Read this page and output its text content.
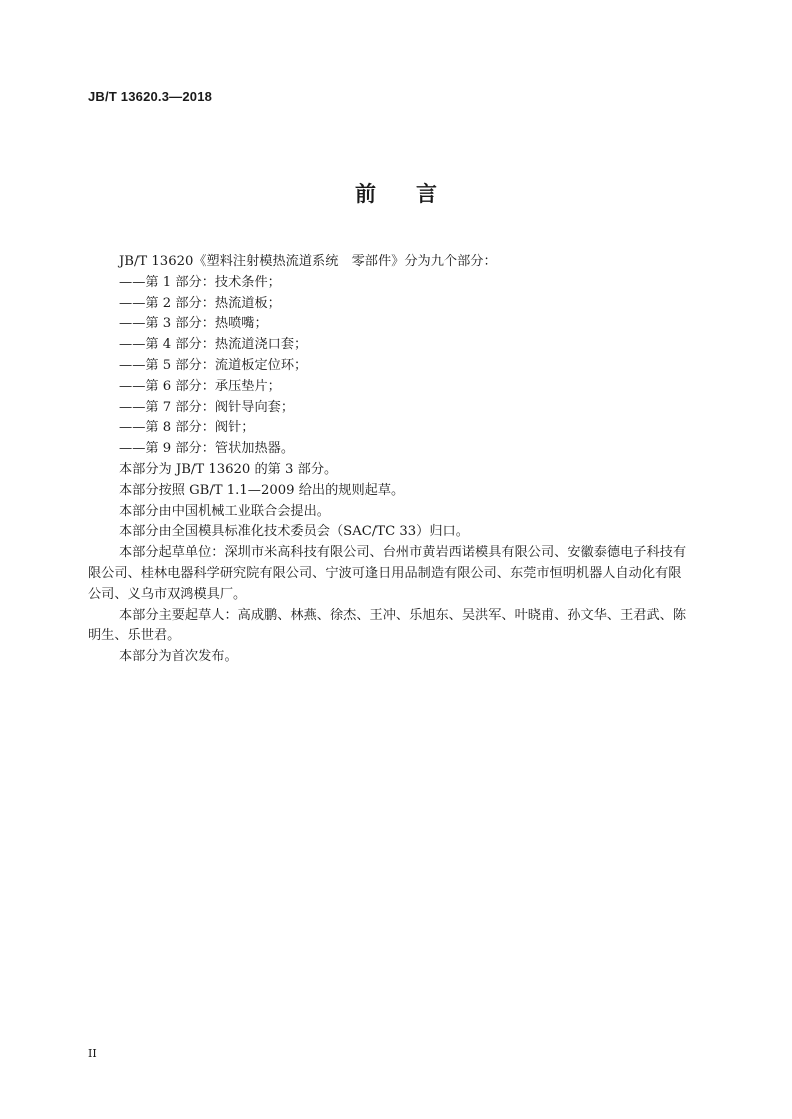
JB/T 13620.3—2018
前言

JB/T 13620《塑料注射模热流道系统　零部件》分为九个部分：

——第 1 部分：技术条件；

——第 2 部分：热流道板；

——第 3 部分：热喷嘴；

——第 4 部分：热流道浇口套；

——第 5 部分：流道板定位环；

——第 6 部分：承压垫片；

——第 7 部分：阀针导向套；

——第 8 部分：阀针；

——第 9 部分：管状加热器。

本部分为 JB/T 13620 的第 3 部分。

本部分按照 GB/T 1.1—2009 给出的规则起草。

本部分由中国机械工业联合会提出。

本部分由全国模具标准化技术委员会（SAC/TC 33）归口。

本部分起草单位：深圳市米高科技有限公司、台州市黄岩西诺模具有限公司、安徽泰德电子科技有

限公司、桂林电器科学研究院有限公司、宁波可逢日用品制造有限公司、东莞市恒明机器人自动化有限

公司、义乌市双鸿模具厂。

本部分主要起草人：高成鹏、林燕、徐杰、王冲、乐旭东、吴洪军、叶晓甫、孙文华、王君武、陈

明生、乐世君。

本部分为首次发布。

II
